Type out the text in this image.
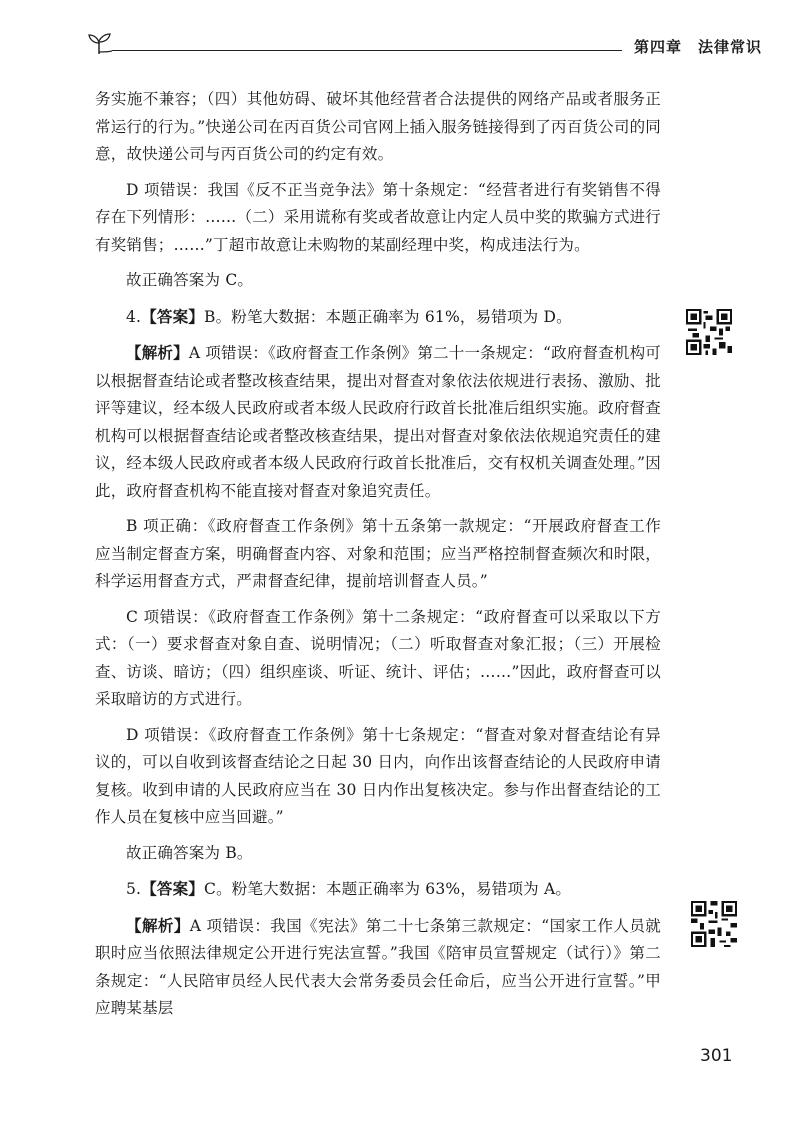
第四章　法律常识

务实施不兼容；（四）其他妨碍、破坏其他经营者合法提供的网络产品或者服务正常运行的行为。”快递公司在丙百货公司官网上插入服务链接得到了丙百货公司的同意，故快递公司与丙百货公司的约定有效。

D 项错误：我国《反不正当竞争法》第十条规定：“经营者进行有奖销售不得存在下列情形：……（二）采用谎称有奖或者故意让内定人员中奖的欺骗方式进行有奖销售；……”丁超市故意让未购物的某副经理中奖，构成违法行为。

故正确答案为 C。

4.【答案】B。粉笔大数据：本题正确率为 61%，易错项为 D。

【解析】A 项错误：《政府督查工作条例》第二十一条规定：“政府督查机构可以根据督查结论或者整改核查结果，提出对督查对象依法依规进行表扬、激励、批评等建议，经本级人民政府或者本级人民政府行政首长批准后组织实施。政府督查机构可以根据督查结论或者整改核查结果，提出对督查对象依法依规追究责任的建议，经本级人民政府或者本级人民政府行政首长批准后，交有权机关调查处理。”因此，政府督查机构不能直接对督查对象追究责任。

B 项正确：《政府督查工作条例》第十五条第一款规定：“开展政府督查工作应当制定督查方案，明确督查内容、对象和范围；应当严格控制督查频次和时限，科学运用督查方式，严肃督查纪律，提前培训督查人员。”

C 项错误：《政府督查工作条例》第十二条规定：“政府督查可以采取以下方式：（一）要求督查对象自查、说明情况；（二）听取督查对象汇报；（三）开展检查、访谈、暗访；（四）组织座谈、听证、统计、评估；……”因此，政府督查可以采取暗访的方式进行。

D 项错误：《政府督查工作条例》第十七条规定：“督查对象对督查结论有异议的，可以自收到该督查结论之日起 30 日内，向作出该督查结论的人民政府申请复核。收到申请的人民政府应当在 30 日内作出复核决定。参与作出督查结论的工作人员在复核中应当回避。”

故正确答案为 B。

5.【答案】C。粉笔大数据：本题正确率为 63%，易错项为 A。

【解析】A 项错误：我国《宪法》第二十七条第三款规定：“国家工作人员就职时应当依照法律规定公开进行宪法宣誓。”我国《陪审员宣誓规定（试行）》第二条规定：“人民陪审员经人民代表大会常务委员会任命后，应当公开进行宣誓。”甲应聘某基层

301
